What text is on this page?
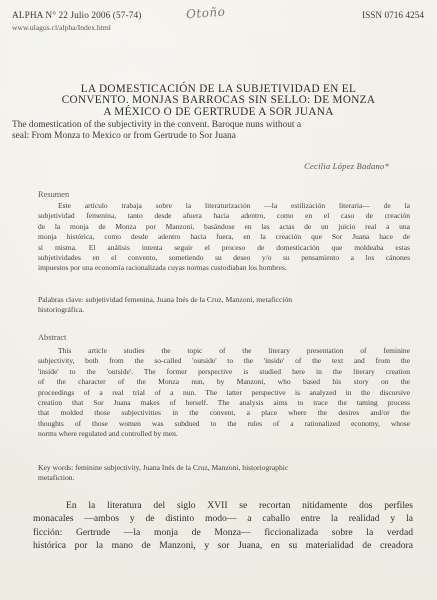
ALPHA N° 22 Julio 2006 (57-74)
www.ulagos.cl/alpha/Index.html
Otoño	ISSN 0716 4254
LA DOMESTICACIÓN DE LA SUBJETIVIDAD EN EL
CONVENTO. MONJAS BARROCAS SIN SELLO: DE MONZA
A MÉXICO O DE GERTRUDE A SOR JUANA
The domestication of the subjectivity in the convent. Baroque nuns without a
seal: From Monza to Mexico or from Gertrude to Sor Juana
Cecilia López Badano*
Resumen
Este artículo trabaja sobre la literaturización —la estilización literaria— de la
subjetividad femenina, tanto desde afuera hacia adentro, como en el caso de creación
de la monja de Monza por Manzoni, basándose en las actas de un juicio real a una
monja histórica, como desde adentro hacia fuera, en la creación que Sor Juana hace de
sí misma. El análisis intenta seguir el proceso de domesticación que moldeaba estas
subjetividades en el convento, sometiendo su deseo y/o su pensamiento a los cánones
impuestos por una economía racionalizada cuyas normas custodiaban los hombres.
Palabras clave: subjetividad femenina, Juana Inés de la Cruz, Manzoni, metaficción
historiográfica.
Abstract
This article studies the topic of the literary presentation of feminine
subjectivity, both from the so-called 'outside' to the 'inside' of the text and from the
'inside' to the 'outside'. The former perspective is studied here in the literary creation
of the character of the Monza nun, by Manzoni, who based his story on the
proceedings of a real trial of a nun. The latter perspective is analyzed in the discursive
creation that Sor Juana makes of herself. The analysis aims to trace the taming process
that molded those subjectivities in the convent, a place where the desires and/or the
thoughts of those women was subdued to the rules of a rationalized economy, whose
norms where regulated and controlled by men.
Key words: feminine subjectivity, Juana Inés de la Cruz, Manzoni, historiographic
metafiction.
En la literatura del siglo XVII se recortan nítidamente dos perfiles
monacales —ambos y de distinto modo— a caballo entre la realidad y la
ficción: Gertrude —la monja de Monza— ficcionalizada sobre la verdad
histórica por la mano de Manzoni, y sor Juana, en su materialidad de creadora
